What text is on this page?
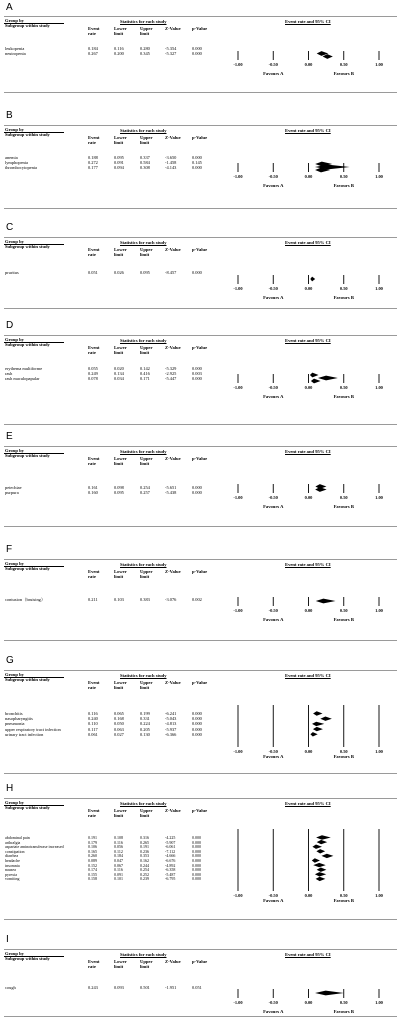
A
Group by
Subgroup within study
Statistics for each study	Event rate and 95% CI
Event
rate
Lower
limit
Upper
limit
Z-Value p-Value
leukopenia	0.184	0.116	0.280	-5.354	0.000
neutropenia	0.267	0.200	0.345	-5.327	0.000
-1.00	-0.50	0.00	0.50	1.00
Favours A	Favours B
B
Group by
Subgroup within study
Statistics for each study	Event rate and 95% CI
Event
rate
Lower
limit
Upper
limit
Z-Value p-Value
anemia	0.188	0.095	0.337	-3.650	0.000
lymphopenia	0.272	0.091	0.584	-1.458	0.145
thrombocytopenia	0.177	0.094	0.308	-4.143	0.000
-1.00	-0.50	0.00	0.50	1.00
Favours A	Favours B
C
Group by
Subgroup within study
Statistics for each study	Event rate and 95% CI
Event
rate
Lower
limit
Upper
limit
Z-Value p-Value
pruritus	0.051	0.026	0.095	-8.457	0.000
-1.00	-0.50	0.00	0.50	1.00
Favours A	Favours B
D
Group by
Subgroup within study
Statistics for each study	Event rate and 95% CI
Event
rate
Lower
limit
Upper
limit
Z-Value p-Value
erythema multiforme	0.055	0.020	0.142	-5.329	0.000
rash	0.249	0.134	0.416	-2.925	0.003
rash maculopapular	0.078	0.034	0.171	-5.447	0.000
-1.00	-0.50	0.00	0.50	1.00
Favours A	Favours B
E
Group by
Subgroup within study
Statistics for each study	Event rate and 95% CI
Event
rate
Lower
limit
Upper
limit
Z-Value p-Value
petechiae	0.161	0.098	0.254	-5.651	0.000
purpura	0.160	0.095	0.257	-5.438	0.000
-1.00	-0.50	0.00	0.50	1.00
Favours A	Favours B
F
Group by
Subgroup within study
Statistics for each study	Event rate and 95% CI
Event
rate
Lower
limit
Upper
limit
Z-Value p-Value
contusion（bruising）	0.211	0.103	0.383	-3.076	0.002
-1.00	-0.50	0.00	0.50	1.00
Favours A	Favours B
G
Group by
Subgroup within study
Statistics for each study	Event rate and 95% CI
Event
rate
Lower
limit
Upper
limit
Z-Value p-Value
bronchitis	0.116	0.065	0.199	-6.241	0.000
nasopharyngitis	0.240	0.168	0.331	-5.043	0.000
pneumonia	0.110	0.050	0.224	-4.813	0.000
upper respiratory tract infection	0.117	0.063	0.205	-5.937	0.000
urinary tract infection	0.061	0.027	0.130	-6.366	0.000
-1.00	-0.50	0.00	0.50	1.00
Favours A	Favours B
H
Group by
Subgroup within study
Statistics for each study	Event rate and 95% CI
Event
rate
Lower
limit
Upper
limit
Z-Value p-Value
abdominal pain	0.191	0.108	0.316	-4.225	0.000
arthralgia	0.179	0.116	0.265	-5.907	0.000
aspartate aminotransferase increased	0.106	0.056	0.191	-6.061	0.000
constipation	0.165	0.112	0.236	-7.112	0.000
diarrhea	0.260	0.184	0.353	-4.666	0.000
headache	0.089	0.047	0.162	-6.676	0.000
insomnia	0.152	0.067	0.244	-4.892	0.000
nausea	0.174	0.116	0.254	-6.358	0.000
pyrexia	0.155	0.091	0.252	-5.487	0.000
vomiting	0.158	0.101	0.239	-6.795	0.000
-1.00	-0.50	0.00	0.50	1.00
Favours A	Favours B
I
Group by
Subgroup within study
Statistics for each study	Event rate and 95% CI
Event
rate
Lower
limit
Upper
limit
Z-Value p-Value
cough	0.243	0.093	0.501	-1.951	0.051
-1.00	-0.50	0.00	0.50	1.00
Favours A	Favours B
